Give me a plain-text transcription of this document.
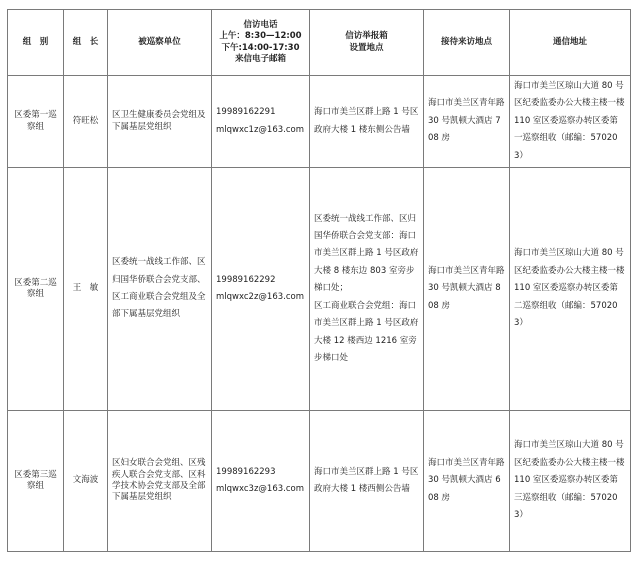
组　别	组　长	被巡察单位	信访电话
上午：8:30—12:00
下午:14:00-17:30
来信电子邮箱	信访举报箱
设置地点	接待来访地点	通信地址
区委第一巡察组	符旺松	区卫生健康委员会党组及下属基层党组织	19989162291
mlqwxc1z@163.com	海口市美兰区群上路 1 号区政府大楼 1 楼东侧公告墙	海口市美兰区青年路 30 号凯顿大酒店 708 房	海口市美兰区琼山大道 80 号区纪委监委办公大楼主楼一楼 110 室区委巡察办转区委第一巡察组收（邮编：570203）
区委第二巡察组	王　敏	区委统一战线工作部、区归国华侨联合会党支部、区工商业联合会党组及全部下属基层党组织	19989162292
mlqwxc2z@163.com	区委统一战线工作部、区归国华侨联合会党支部：海口市美兰区群上路 1 号区政府大楼 8 楼东边 803 室旁步梯口处；
区工商业联合会党组：海口市美兰区群上路 1 号区政府大楼 12 楼西边 1216 室旁步梯口处	海口市美兰区青年路 30 号凯顿大酒店 808 房	海口市美兰区琼山大道 80 号区纪委监委办公大楼主楼一楼 110 室区委巡察办转区委第二巡察组收（邮编：570203）
区委第三巡察组	文海波	区妇女联合会党组、区残疾人联合会党支部、区科学技术协会党支部及全部下属基层党组织	19989162293
mlqwxc3z@163.com	海口市美兰区群上路 1 号区政府大楼 1 楼西侧公告墙	海口市美兰区青年路 30 号凯顿大酒店 608 房	海口市美兰区琼山大道 80 号区纪委监委办公大楼主楼一楼 110 室区委巡察办转区委第三巡察组收（邮编：570203）
